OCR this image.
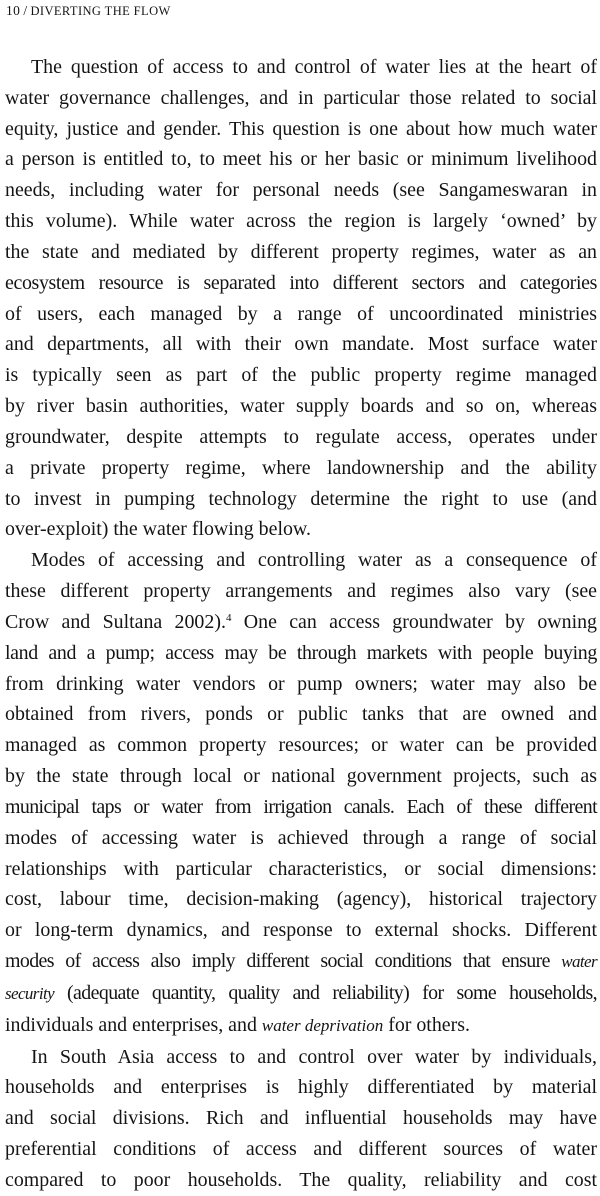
10 / DIVERTING THE FLOW
The question of access to and control of water lies at the heart of
water governance challenges, and in particular those related to social
equity, justice and gender. This question is one about how much water
a person is entitled to, to meet his or her basic or minimum livelihood
needs, including water for personal needs (see Sangameswaran in
this volume). While water across the region is largely ‘owned’ by
the state and mediated by different property regimes, water as an
ecosystem resource is separated into different sectors and categories
of users, each managed by a range of uncoordinated ministries
and departments, all with their own mandate. Most surface water
is typically seen as part of the public property regime managed
by river basin authorities, water supply boards and so on, whereas
groundwater, despite attempts to regulate access, operates under
a private property regime, where landownership and the ability
to invest in pumping technology determine the right to use (and
over-exploit) the water flowing below.
Modes of accessing and controlling water as a consequence of
these different property arrangements and regimes also vary (see
Crow and Sultana 2002).$^4$ One can access groundwater by owning
land and a pump; access may be through markets with people buying
from drinking water vendors or pump owners; water may also be
obtained from rivers, ponds or public tanks that are owned and
managed as common property resources; or water can be provided
by the state through local or national government projects, such as
municipal taps or water from irrigation canals. Each of these different
modes of accessing water is achieved through a range of social
relationships with particular characteristics, or social dimensions:
cost, labour time, decision-making (agency), historical trajectory
or long-term dynamics, and response to external shocks. Different
modes of access also imply different social conditions that ensure water
security (adequate quantity, quality and reliability) for some households,
individuals and enterprises, and water deprivation for others.
In South Asia access to and control over water by individuals,
households and enterprises is highly differentiated by material
and social divisions. Rich and influential households may have
preferential conditions of access and different sources of water
compared to poor households. The quality, reliability and cost
